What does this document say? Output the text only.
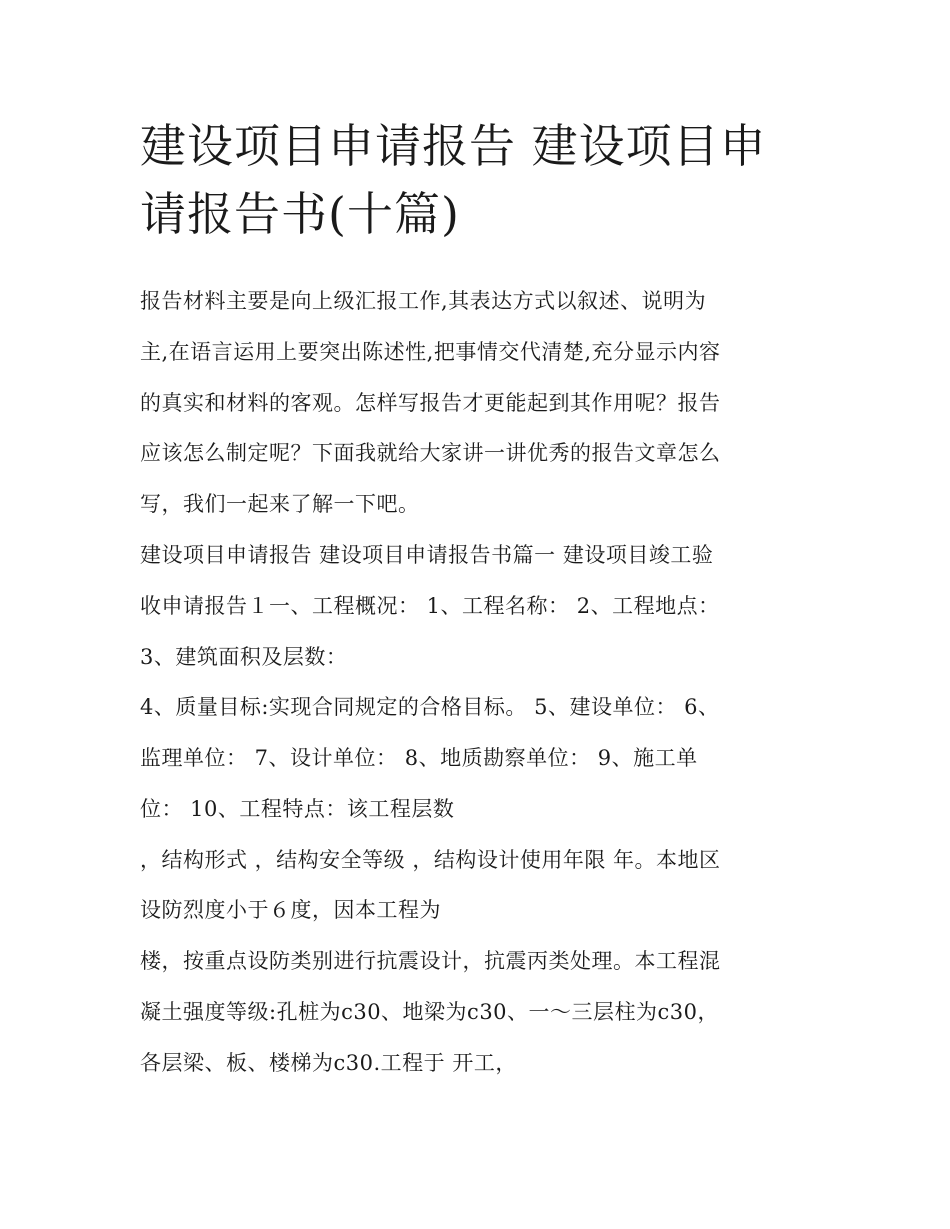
建设项目申请报告 建设项目申
请报告书(十篇)
报告材料主要是向上级汇报工作,其表达方式以叙述、说明为
主,在语言运用上要突出陈述性,把事情交代清楚,充分显示内容
的真实和材料的客观。怎样写报告才更能起到其作用呢？报告
应该怎么制定呢？下面我就给大家讲一讲优秀的报告文章怎么
写，我们一起来了解一下吧。
建设项目申请报告 建设项目申请报告书篇一 建设项目竣工验
收申请报告１一、工程概况： 1、工程名称： 2、工程地点：
3、建筑面积及层数：
4、质量目标:实现合同规定的合格目标。 5、建设单位： 6、
监理单位： 7、设计单位： 8、地质勘察单位： 9、施工单
位： 10、工程特点：该工程层数
，结构形式 ，结构安全等级 ，结构设计使用年限 年。本地区
设防烈度小于６度，因本工程为
楼，按重点设防类别进行抗震设计，抗震丙类处理。本工程混
凝土强度等级:孔桩为c30、地梁为c30、一～三层柱为c30，
各层梁、板、楼梯为c30.工程于 开工，
